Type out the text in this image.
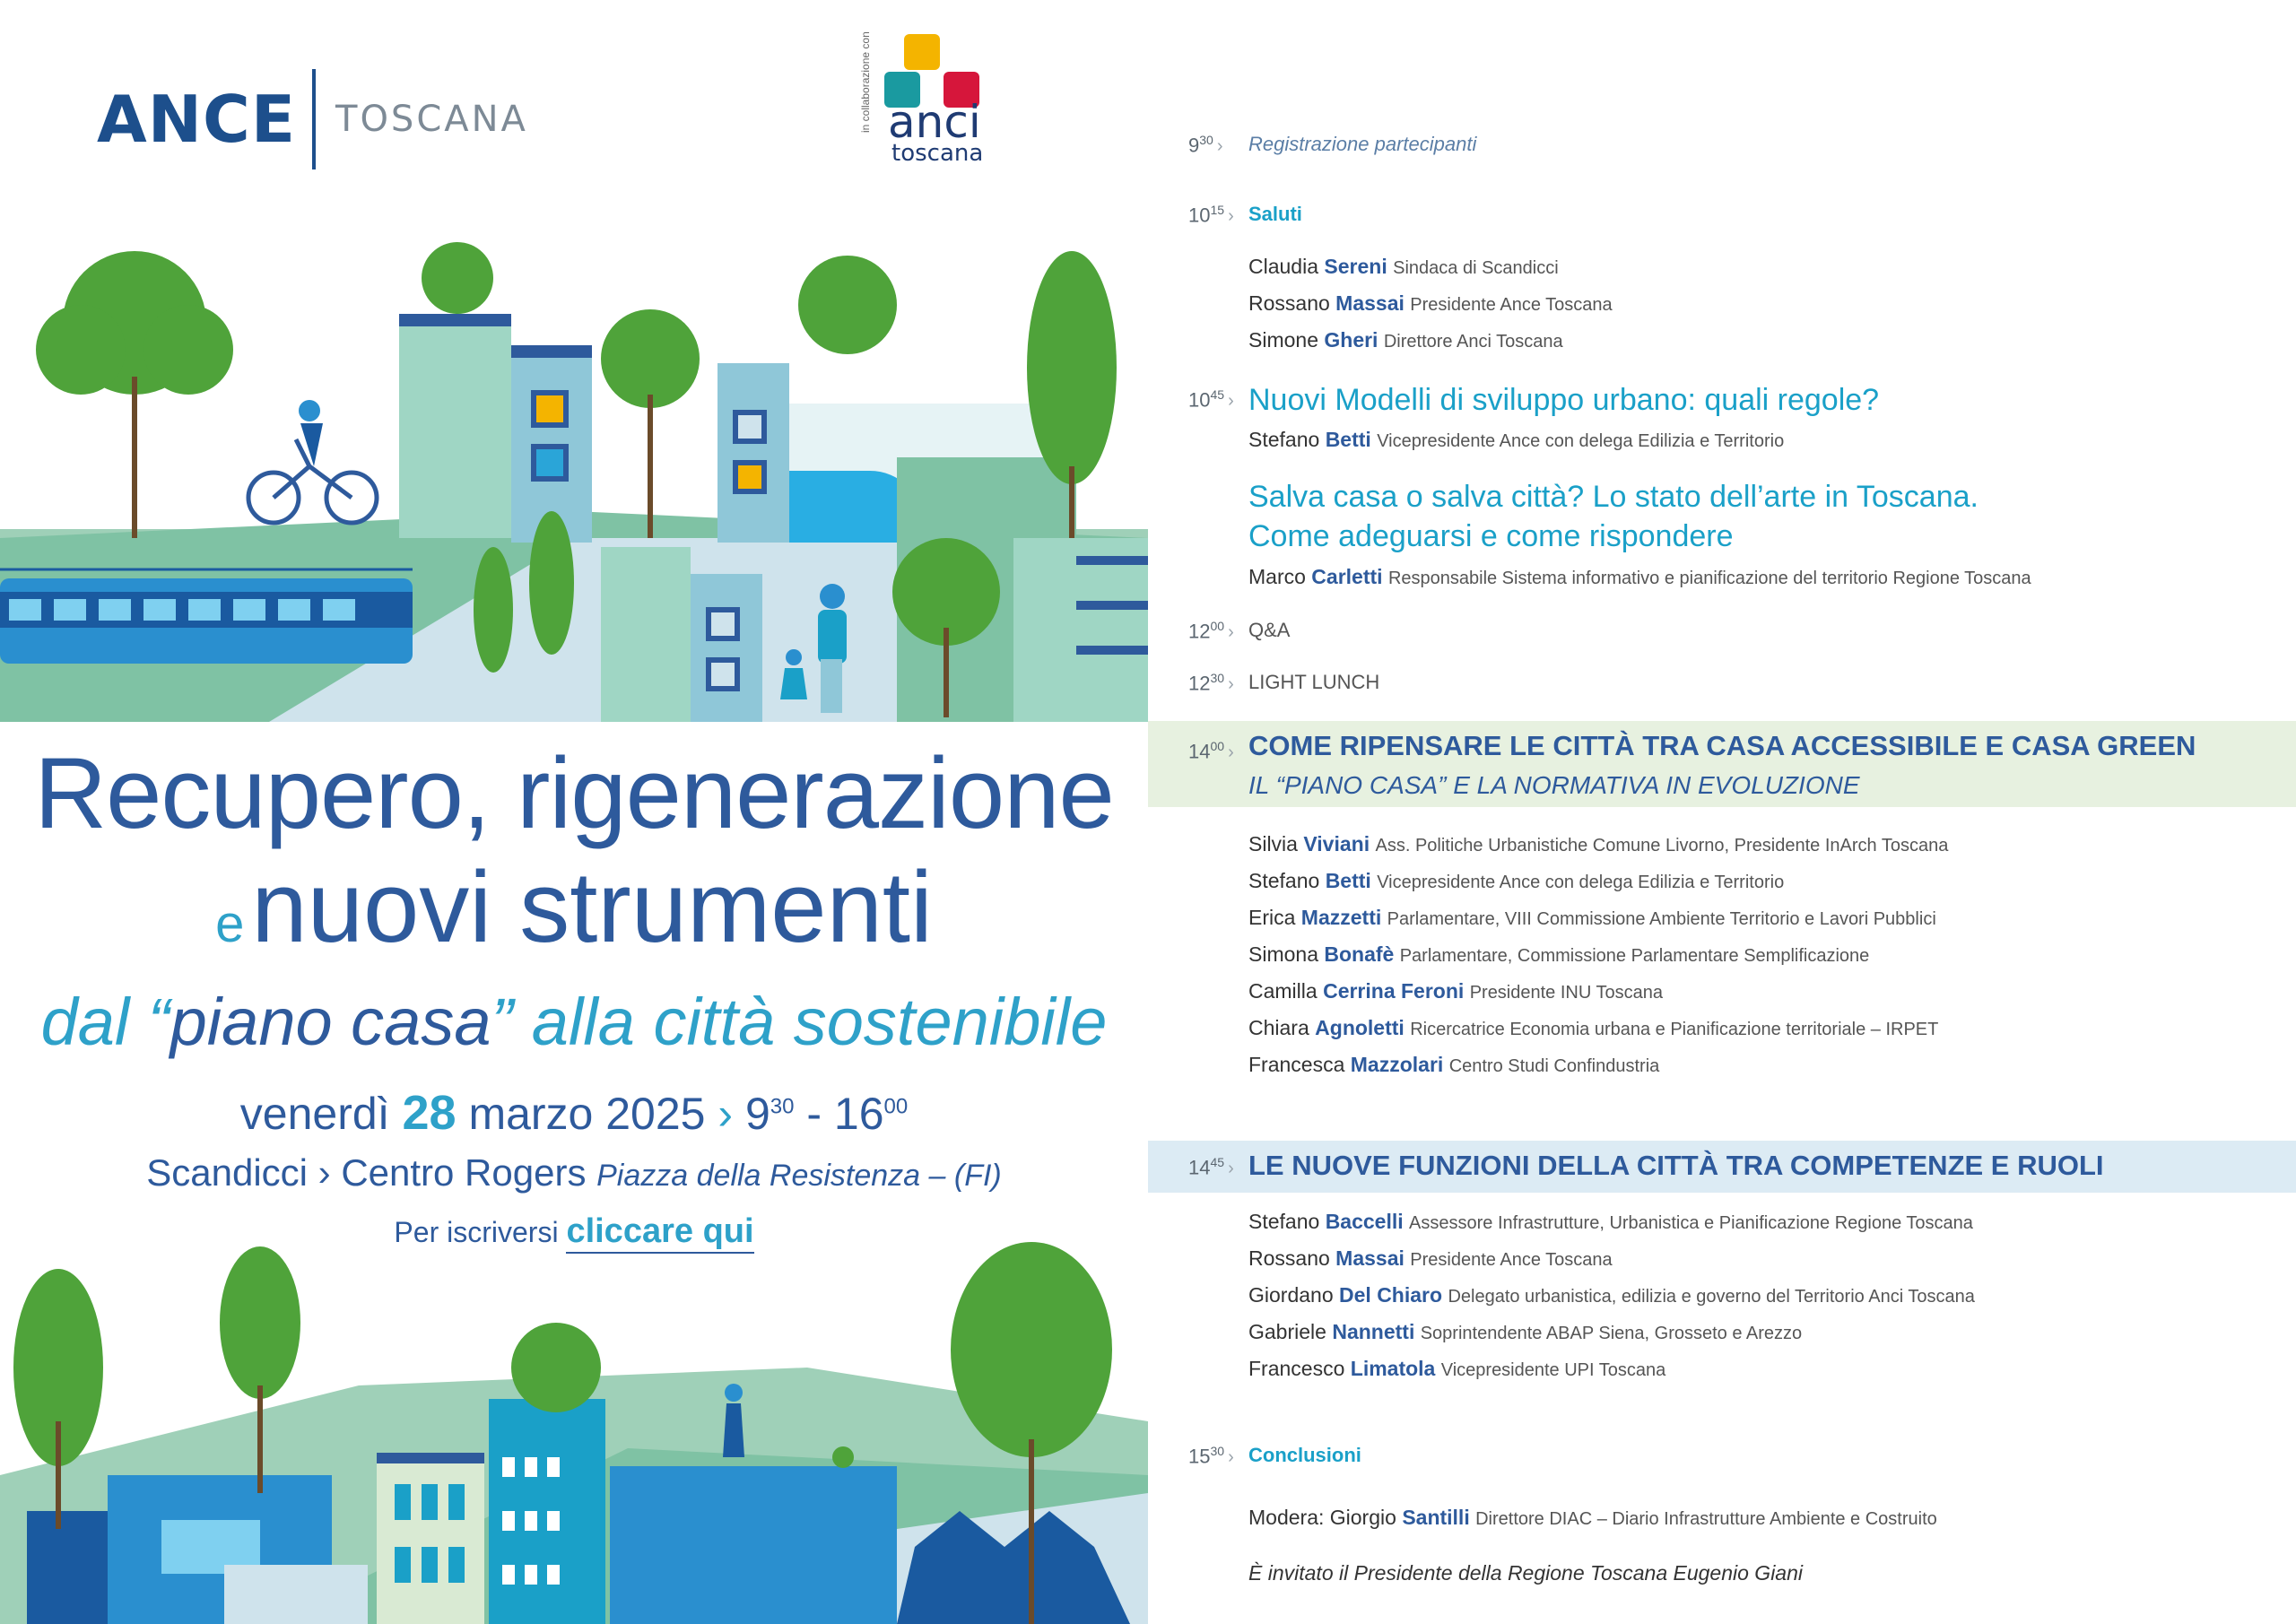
ANCE TOSCANA	in collaborazione con anci
toscana
Recupero, rigenerazione
enuovi strumenti
dal “piano casa” alla città sostenibile
venerdì 28 marzo 2025 › $9^{30} - 16^{00}$
Scandicci › Centro Rogers Piazza della Resistenza – (FI)
Per iscriversi cliccare qui
$9^{30}$ › Registrazione partecipanti
$10^{15}$ › Saluti
Claudia Sereni Sindaca di Scandicci
Rossano Massai Presidente Ance Toscana
Simone Gheri Direttore Anci Toscana
$10^{45}$ › Nuovi Modelli di sviluppo urbano: quali regole?
Stefano Betti Vicepresidente Ance con delega Edilizia e Territorio
Salva casa o salva città? Lo stato dell’arte in Toscana.
Come adeguarsi e come rispondere
Marco Carletti Responsabile Sistema informativo e pianificazione del territorio Regione Toscana
$12^{00}$ › Q&A
$12^{30}$ › LIGHT LUNCH
$14^{00}$ › COME RIPENSARE LE CITTÀ TRA CASA ACCESSIBILE E CASA GREEN
IL “PIANO CASA” E LA NORMATIVA IN EVOLUZIONE
Silvia Viviani Ass. Politiche Urbanistiche Comune Livorno, Presidente InArch Toscana
Stefano Betti Vicepresidente Ance con delega Edilizia e Territorio
Erica Mazzetti Parlamentare, VIII Commissione Ambiente Territorio e Lavori Pubblici
Simona Bonafè Parlamentare, Commissione Parlamentare Semplificazione
Camilla Cerrina Feroni Presidente INU Toscana
Chiara Agnoletti Ricercatrice Economia urbana e Pianificazione territoriale – IRPET
Francesca Mazzolari Centro Studi Confindustria
$14^{45}$ › LE NUOVE FUNZIONI DELLA CITTÀ TRA COMPETENZE E RUOLI
Stefano Baccelli Assessore Infrastrutture, Urbanistica e Pianificazione Regione Toscana
Rossano Massai Presidente Ance Toscana
Giordano Del Chiaro Delegato urbanistica, edilizia e governo del Territorio Anci Toscana
Gabriele Nannetti Soprintendente ABAP Siena, Grosseto e Arezzo
Francesco Limatola Vicepresidente UPI Toscana
$15^{30}$ › Conclusioni
Modera: Giorgio Santilli Direttore DIAC – Diario Infrastrutture Ambiente e Costruito
È invitato il Presidente della Regione Toscana Eugenio Giani
